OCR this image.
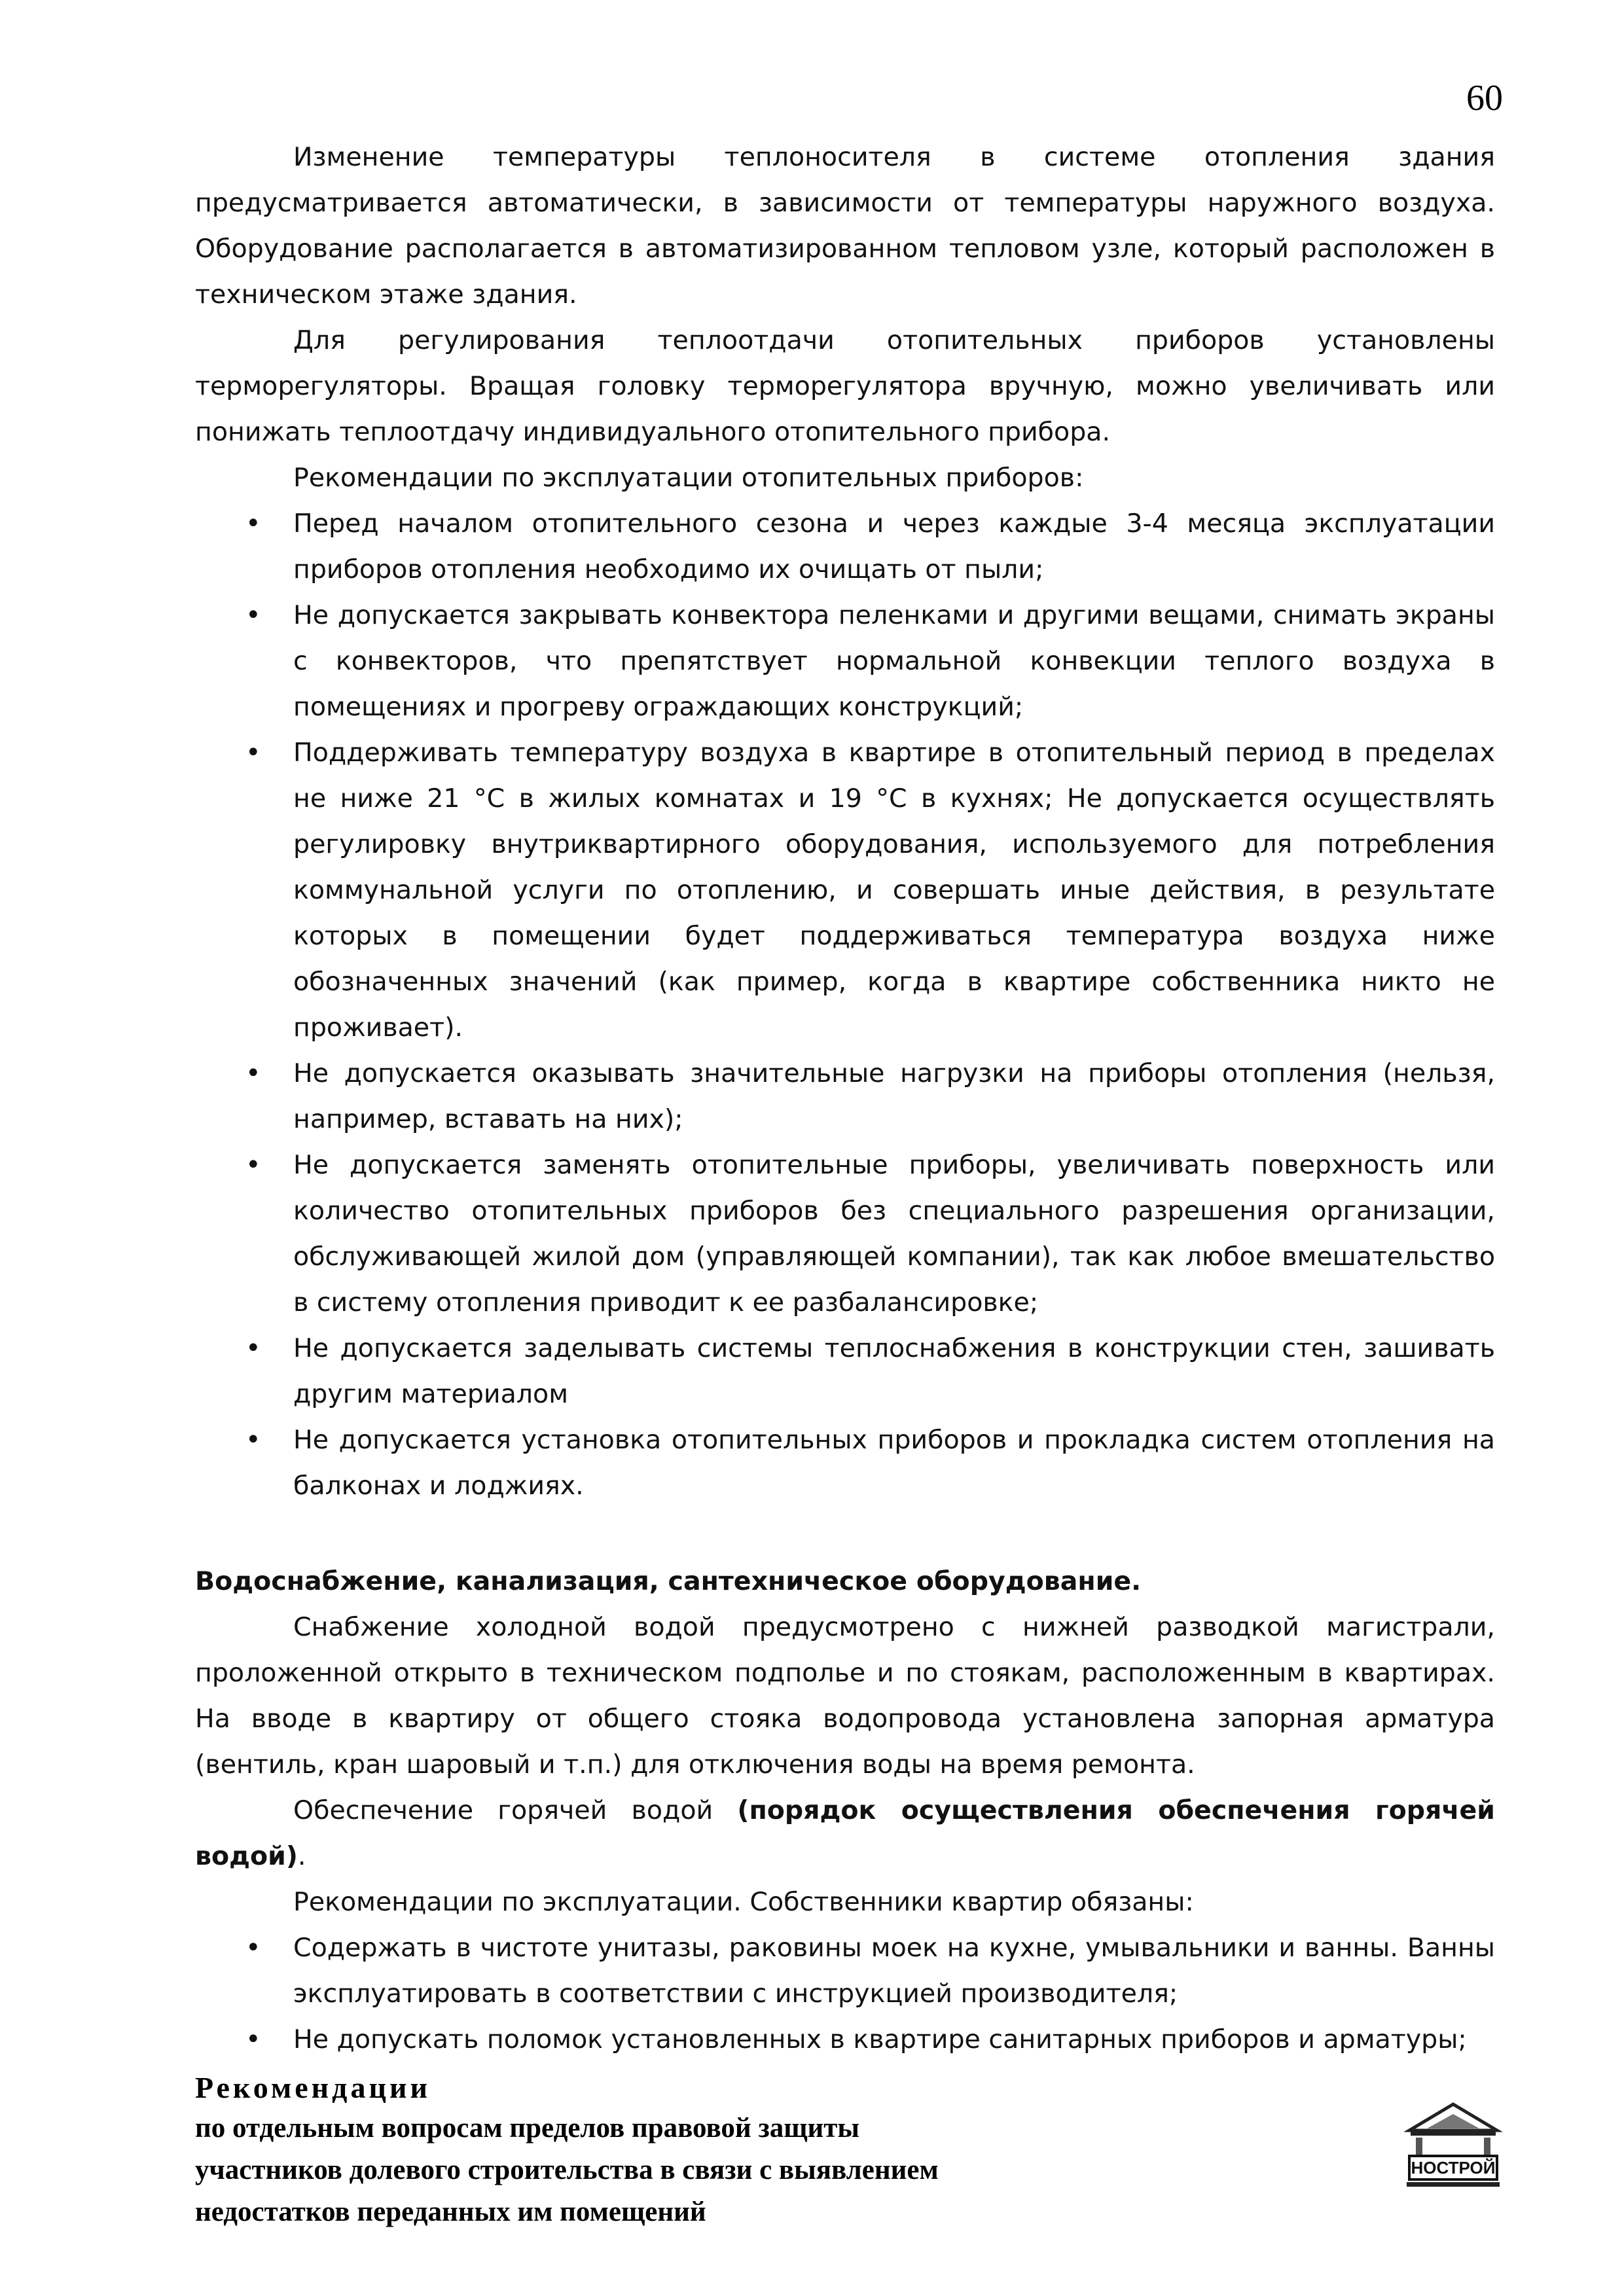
60

Изменение температуры теплоносителя в системе отопления здания предусматривается автоматически, в зависимости от температуры наружного воздуха. Оборудование располагается в автоматизированном тепловом узле, который расположен в техническом этаже здания.

Для регулирования теплоотдачи отопительных приборов установлены терморегуляторы. Вращая головку терморегулятора вручную, можно увеличивать или понижать теплоотдачу индивидуального отопительного прибора.

Рекомендации по эксплуатации отопительных приборов:

• Перед началом отопительного сезона и через каждые 3-4 месяца эксплуатации приборов отопления необходимо их очищать от пыли;
• Не допускается закрывать конвектора пеленками и другими вещами, снимать экраны с конвекторов, что препятствует нормальной конвекции теплого воздуха в помещениях и прогреву ограждающих конструкций;
• Поддерживать температуру воздуха в квартире в отопительный период в пределах не ниже 21 °С в жилых комнатах и 19 °С в кухнях; Не допускается осуществлять регулировку внутриквартирного оборудования, используемого для потребления коммунальной услуги по отоплению, и совершать иные действия, в результате которых в помещении будет поддерживаться температура воздуха ниже обозначенных значений (как пример, когда в квартире собственника никто не проживает).
• Не допускается оказывать значительные нагрузки на приборы отопления (нельзя, например, вставать на них);
• Не допускается заменять отопительные приборы, увеличивать поверхность или количество отопительных приборов без специального разрешения организации, обслуживающей жилой дом (управляющей компании), так как любое вмешательство в систему отопления приводит к ее разбалансировке;
• Не допускается заделывать системы теплоснабжения в конструкции стен, зашивать другим материалом
• Не допускается установка отопительных приборов и прокладка систем отопления на балконах и лоджиях.

Водоснабжение, канализация, сантехническое оборудование.

Снабжение холодной водой предусмотрено с нижней разводкой магистрали, проложенной открыто в техническом подполье и по стоякам, расположенным в квартирах. На вводе в квартиру от общего стояка водопровода установлена запорная арматура (вентиль, кран шаровый и т.п.) для отключения воды на время ремонта.

Обеспечение горячей водой (порядок осуществления обеспечения горячей водой).

Рекомендации по эксплуатации. Собственники квартир обязаны:

• Содержать в чистоте унитазы, раковины моек на кухне, умывальники и ванны. Ванны эксплуатировать в соответствии с инструкцией производителя;
• Не допускать поломок установленных в квартире санитарных приборов и арматуры;
Рекомендации
по отдельным вопросам пределов правовой защиты
участников долевого строительства в связи с выявлением
недостатков переданных им помещений
НОСТРОЙ
